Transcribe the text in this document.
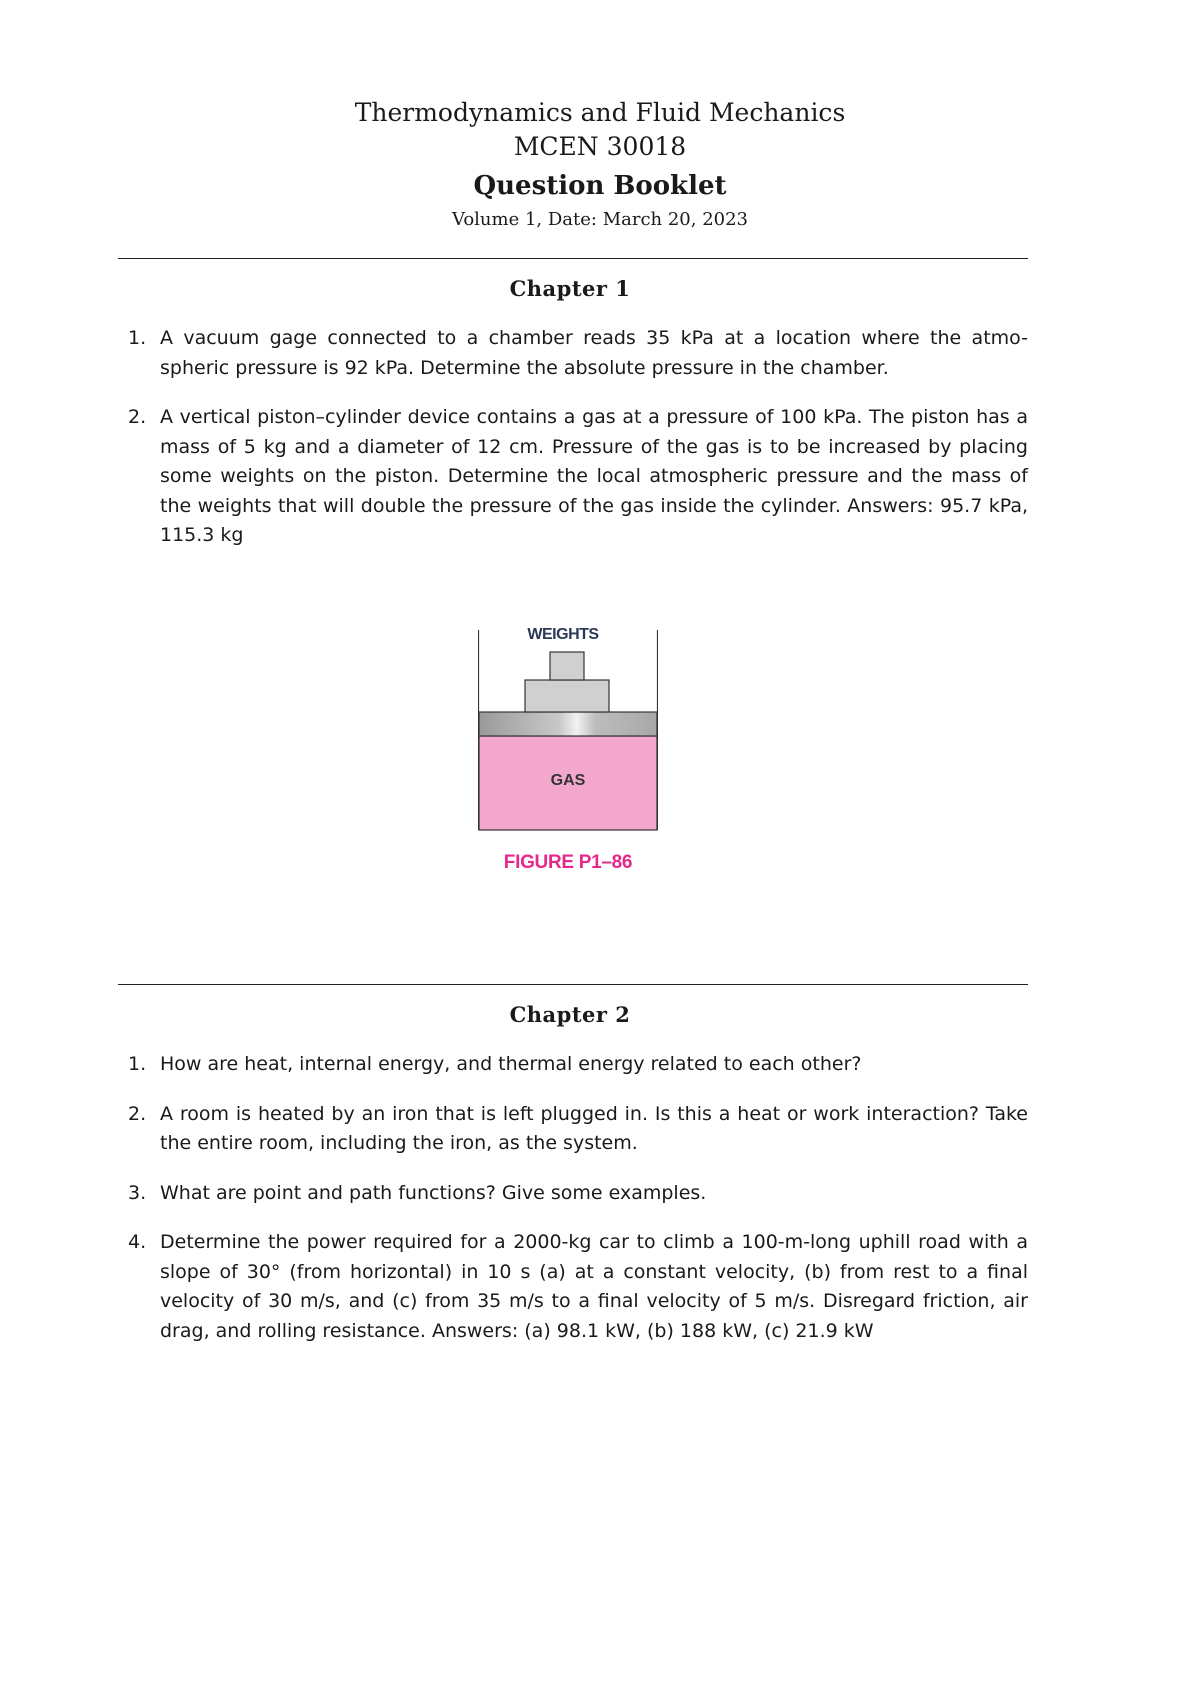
Thermodynamics and Fluid Mechanics
MCEN 30018
Question Booklet
Volume 1, Date: March 20, 2023
Chapter 1
1. A vacuum gage connected to a chamber reads 35 kPa at a location where the atmo-spheric pressure is 92 kPa. Determine the absolute pressure in the chamber.
2. A vertical piston–cylinder device contains a gas at a pressure of 100 kPa. The piston has a mass of 5 kg and a diameter of 12 cm. Pressure of the gas is to be increased by placing some weights on the piston. Determine the local atmospheric pressure and the mass of the weights that will double the pressure of the gas inside the cylinder. Answers: 95.7 kPa, 115.3 kg
WEIGHTS
GAS
FIGURE P1–86
Chapter 2
1. How are heat, internal energy, and thermal energy related to each other?
2. A room is heated by an iron that is left plugged in. Is this a heat or work interaction? Take the entire room, including the iron, as the system.
3. What are point and path functions? Give some examples.
4. Determine the power required for a 2000-kg car to climb a 100-m-long uphill road with a slope of 30° (from horizontal) in 10 s (a) at a constant velocity, (b) from rest to a final velocity of 30 m/s, and (c) from 35 m/s to a final velocity of 5 m/s. Disregard friction, air drag, and rolling resistance. Answers: (a) 98.1 kW, (b) 188 kW, (c) 21.9 kW
